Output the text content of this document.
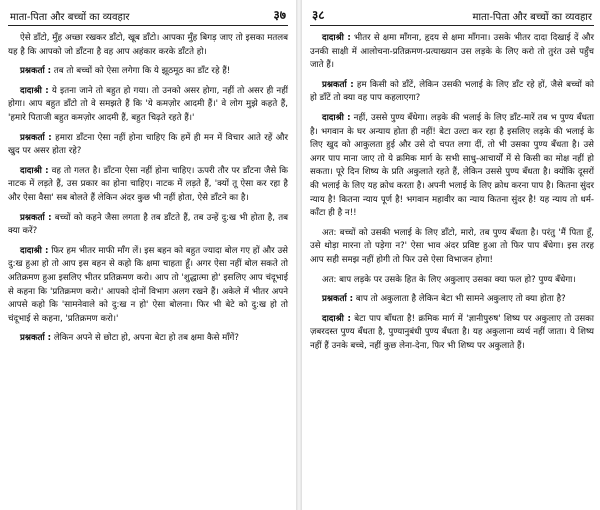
माता-पिता और बच्चों का व्यवहार	३७

ऐसे डाँटो, मुँह अच्छा रखकर डाँटो, खूब डाँटो। आपका मुँह बिगड़ जाए तो इसका मतलब यह है कि आपको जो डाँटना है वह आप अहंकार करके डाँटते हो।

प्रश्नकर्ता : तब तो बच्चों को ऐसा लगेगा कि ये झूठमूठ का डाँट रहे हैं!

दादाश्री : ये इतना जाने तो बहुत हो गया। तो उनको असर होगा, नहीं तो असर ही नहीं होगा। आप बहुत डाँटो तो वे समझते हैं कि 'ये कमज़ोर आदमी हैं।' वे लोग मुझे कहते हैं, 'हमारे पिताजी बहुत कमज़ोर आदमी हैं, बहुत चिढ़ते रहते हैं।'

प्रश्नकर्ता : हमारा डाँटना ऐसा नहीं होना चाहिए कि हमें ही मन में विचार आते रहें और खुद पर असर होता रहे?

दादाश्री : वह तो गलत है। डाँटना ऐसा नहीं होना चाहिए। ऊपरी तौर पर डाँटना जैसे कि नाटक में लड़ते हैं, उस प्रकार का होना चाहिए। नाटक में लड़ते हैं, 'क्यों तू ऐसा कर रहा है और ऐसा वैसा' सब बोलते हैं लेकिन अंदर कुछ भी नहीं होता, ऐसे डाँटने का है।

प्रश्नकर्ता : बच्चों को कहने जैसा लगता है तब डाँटते हैं, तब उन्हें दु:ख भी होता है, तब क्या करें?

दादाश्री : फिर हम भीतर माफी माँग लें। इस बहन को बहुत ज्यादा बोल गए हों और उसे दु:ख हुआ हो तो आप इस बहन से कहो कि क्षमा चाहता हूँ। अगर ऐसा नहीं बोल सकते तो अतिक्रमण हुआ इसलिए भीतर प्रतिक्रमण करो। आप तो 'शुद्धात्मा हो' इसलिए आप चंदूभाई से कहना कि 'प्रतिक्रमण करो।' आपको दोनों विभाग अलग रखने हैं। अकेले में भीतर अपने आपसे कहो कि 'सामनेवाले को दु:ख न हो' ऐसा बोलना। फिर भी बेटे को दु:ख हो तो चंदूभाई से कहना, 'प्रतिक्रमण करो।'

प्रश्नकर्ता : लेकिन अपने से छोटा हो, अपना बेटा हो तब क्षमा कैसे माँगें?

३८	माता-पिता और बच्चों का व्यवहार

दादाश्री : भीतर से क्षमा माँगना, हृदय से क्षमा माँगना। उसके भीतर दादा दिखाई दें और उनकी साक्षी में आलोचना-प्रतिक्रमण-प्रत्याख्यान उस लड़के के लिए करो तो तुरंत उसे पहुँच जाते हैं।

प्रश्नकर्ता : हम किसी को डाँटें, लेकिन उसकी भलाई के लिए डाँट रहे हों, जैसे बच्चों को हो डाँटें तो क्या वह पाप कहलाएगा?

दादाश्री : नहीं, उससे पुण्य बँधेगा। लड़के की भलाई के लिए डाँट-मारें तब भ पुण्य बँधता है। भगवान के घर अन्याय होता ही नहीं! बेटा उल्टा कर रहा है इसलिए लड़के की भलाई के लिए खुद को आकुलता हुई और उसे दो चपत लगा दीं, तो भी उसका पुण्य बँधता है। उसे अगर पाप माना जाए तो ये क्रमिक मार्ग के सभी साधु-आचार्यों में से किसी का मोक्ष नहीं हो सकता। पूरे दिन शिष्य के प्रति अकुलाते रहते हैं, लेकिन उससे पुण्य बँधता है। क्योंकि दूसरों की भलाई के लिए यह क्रोध करता है। अपनी भलाई के लिए क्रोध करना पाप है। कितना सुंदर न्याय है! कितना न्याय पूर्ण है! भगवान महावीर का न्याय कितना सुंदर है! यह न्याय तो धर्म-काँटा ही है न!!

अत: बच्चों को उसकी भलाई के लिए डाँटो, मारो, तब पुण्य बँधता है। परंतु 'मैं पिता हूँ, उसे थोड़ा मारना तो पड़ेगा न?' ऐसा भाव अंदर प्रविष्ट हुआ तो फिर पाप बँधेगा। इस तरह आप सही समझ नहीं होगी तो फिर उसे ऐसा विभाजन होगा!

अत: बाप लड़के पर उसके हित के लिए अकुलाए उसका क्या फल हो? पुण्य बँधेगा।

प्रश्नकर्ता : बाप तो अकुलाता है लेकिन बेटा भी सामने अकुलाए तो क्या होता है?

दादाश्री : बेटा पाप बाँधता है! क्रमिक मार्ग में 'ज्ञानीपुरुष' शिष्य पर अकुलाए तो उसका ज़बरदस्त पुण्य बँधता है, पुण्यानुबंधी पुण्य बँधता है। यह अकुलाना व्यर्थ नहीं जाता। ये शिष्य नहीं हैं उनके बच्चे, नहीं कुछ लेना-देना, फिर भी शिष्य पर अकुलाते हैं।
